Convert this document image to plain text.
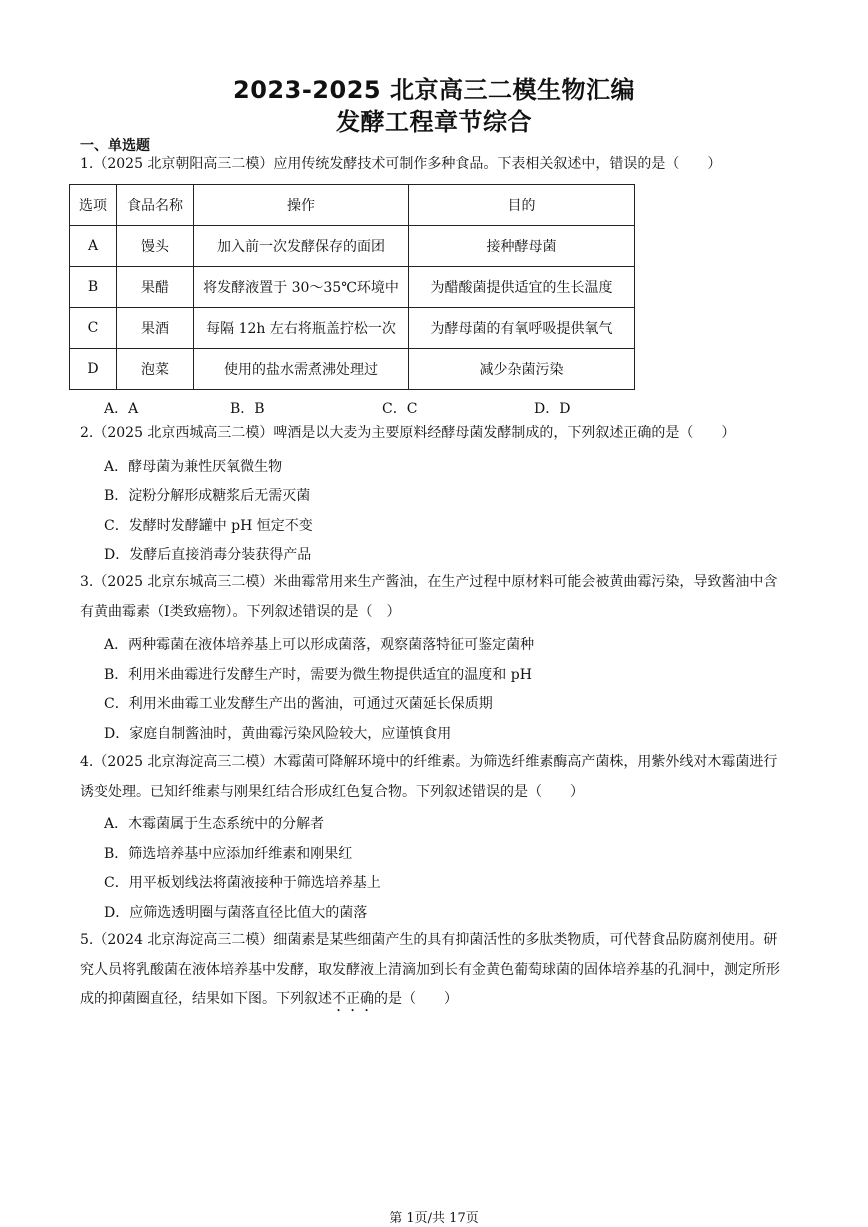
2023-2025 北京高三二模生物汇编
发酵工程章节综合
一、单选题
1.（2025 北京朝阳高三二模）应用传统发酵技术可制作多种食品。下表相关叙述中，错误的是（　　）
选项	食品名称	操作	目的
A	馒头	加入前一次发酵保存的面团	接种酵母菌
B	果醋	将发酵液置于 30～35℃环境中	为醋酸菌提供适宜的生长温度
C	果酒	每隔 12h 左右将瓶盖拧松一次	为酵母菌的有氧呼吸提供氧气
D	泡菜	使用的盐水需煮沸处理过	减少杂菌污染
A．A	B．B	C．C	D．D
2.（2025 北京西城高三二模）啤酒是以大麦为主要原料经酵母菌发酵制成的，下列叙述正确的是（　　）
A．酵母菌为兼性厌氧微生物
B．淀粉分解形成糖浆后无需灭菌
C．发酵时发酵罐中 pH 恒定不变
D．发酵后直接消毒分装获得产品
3.（2025 北京东城高三二模）米曲霉常用来生产酱油，在生产过程中原材料可能会被黄曲霉污染，导致酱油中含有黄曲霉素（I类致癌物）。下列叙述错误的是（　）
A．两种霉菌在液体培养基上可以形成菌落，观察菌落特征可鉴定菌种
B．利用米曲霉进行发酵生产时，需要为微生物提供适宜的温度和 pH
C．利用米曲霉工业发酵生产出的酱油，可通过灭菌延长保质期
D．家庭自制酱油时，黄曲霉污染风险较大，应谨慎食用
4.（2025 北京海淀高三二模）木霉菌可降解环境中的纤维素。为筛选纤维素酶高产菌株，用紫外线对木霉菌进行诱变处理。已知纤维素与刚果红结合形成红色复合物。下列叙述错误的是（　　）
A．木霉菌属于生态系统中的分解者
B．筛选培养基中应添加纤维素和刚果红
C．用平板划线法将菌液接种于筛选培养基上
D．应筛选透明圈与菌落直径比值大的菌落
5.（2024 北京海淀高三二模）细菌素是某些细菌产生的具有抑菌活性的多肽类物质，可代替食品防腐剂使用。研究人员将乳酸菌在液体培养基中发酵，取发酵液上清滴加到长有金黄色葡萄球菌的固体培养基的孔洞中，测定所形成的抑菌圈直径，结果如下图。下列叙述不正确的是（　　）
第 1页/共 17页
